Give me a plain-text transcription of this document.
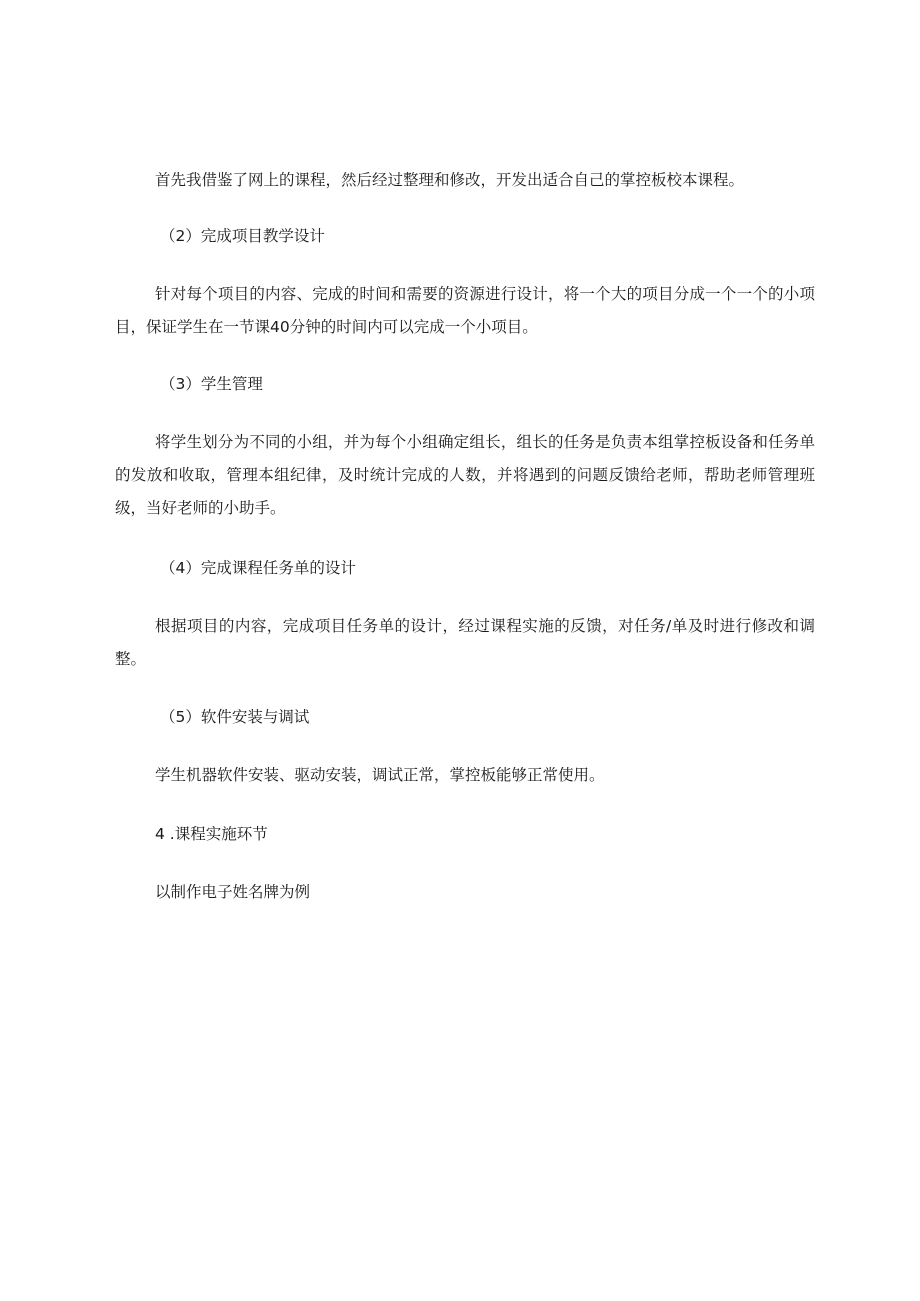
首先我借鉴了网上的课程，然后经过整理和修改，开发出适合自己的掌控板校本课程。
（2）完成项目教学设计
针对每个项目的内容、完成的时间和需要的资源进行设计，将一个大的项目分成一个一个的小项目，保证学生在一节课40分钟的时间内可以完成一个小项目。
（3）学生管理
将学生划分为不同的小组，并为每个小组确定组长，组长的任务是负责本组掌控板设备和任务单的发放和收取，管理本组纪律，及时统计完成的人数，并将遇到的问题反馈给老师，帮助老师管理班级，当好老师的小助手。
（4）完成课程任务单的设计
根据项目的内容，完成项目任务单的设计，经过课程实施的反馈，对任务/单及时进行修改和调整。
（5）软件安装与调试
学生机器软件安装、驱动安装，调试正常，掌控板能够正常使用。
4 .课程实施环节
以制作电子姓名牌为例
